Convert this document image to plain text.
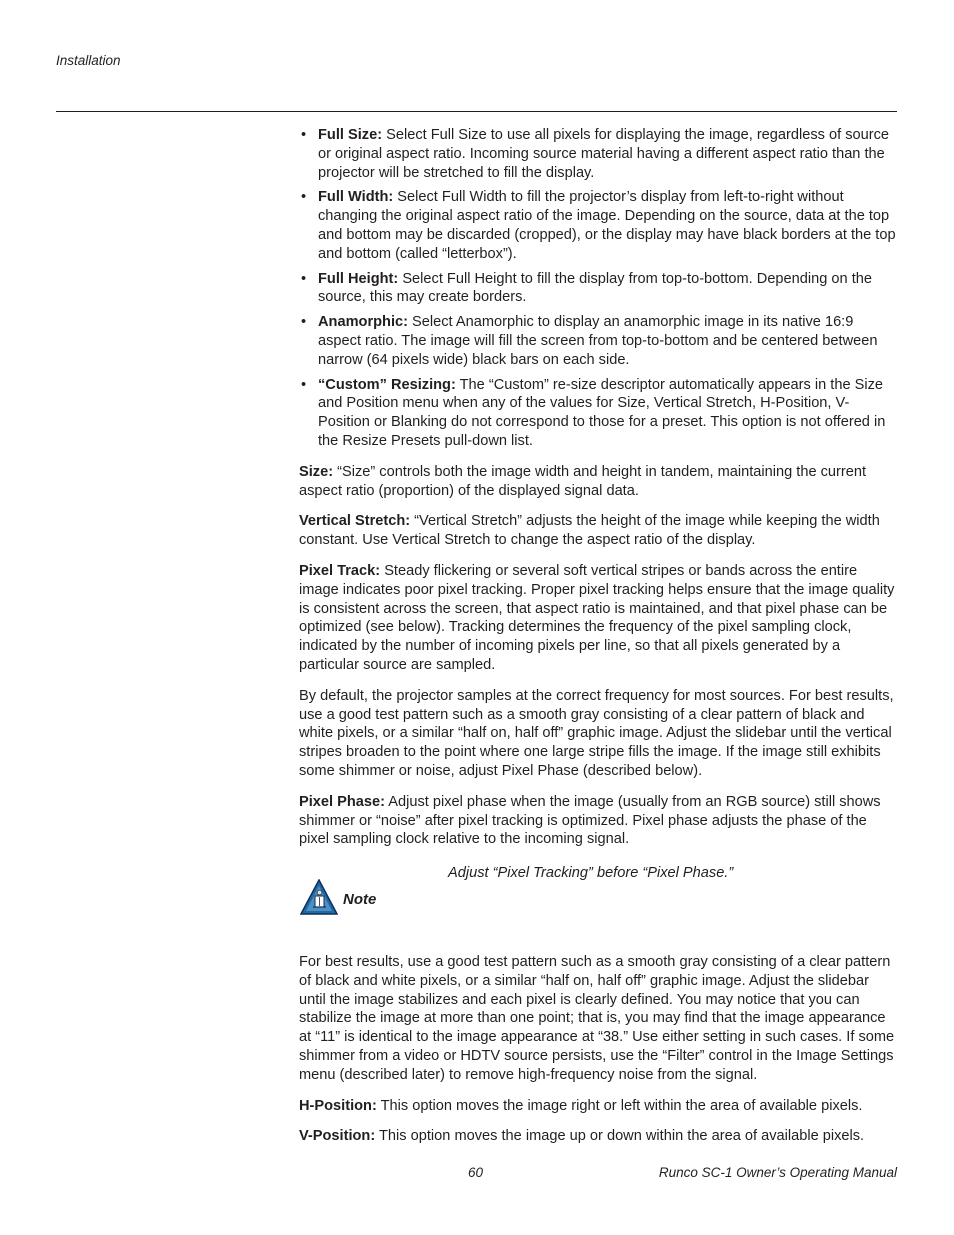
Installation
• Full Size: Select Full Size to use all pixels for displaying the image, regardless of source or original aspect ratio. Incoming source material having a different aspect ratio than the projector will be stretched to fill the display.
• Full Width: Select Full Width to fill the projector’s display from left-to-right without changing the original aspect ratio of the image. Depending on the source, data at the top and bottom may be discarded (cropped), or the display may have black borders at the top and bottom (called “letterbox”).
• Full Height: Select Full Height to fill the display from top-to-bottom. Depending on the source, this may create borders.
• Anamorphic: Select Anamorphic to display an anamorphic image in its native 16:9 aspect ratio. The image will fill the screen from top-to-bottom and be centered between narrow (64 pixels wide) black bars on each side.
• “Custom” Resizing: The “Custom” re-size descriptor automatically appears in the Size and Position menu when any of the values for Size, Vertical Stretch, H-Position, V-Position or Blanking do not correspond to those for a preset. This option is not offered in the Resize Presets pull-down list.

Size: “Size” controls both the image width and height in tandem, maintaining the current aspect ratio (proportion) of the displayed signal data.

Vertical Stretch: “Vertical Stretch” adjusts the height of the image while keeping the width constant. Use Vertical Stretch to change the aspect ratio of the display.

Pixel Track: Steady flickering or several soft vertical stripes or bands across the entire image indicates poor pixel tracking. Proper pixel tracking helps ensure that the image quality is consistent across the screen, that aspect ratio is maintained, and that pixel phase can be optimized (see below). Tracking determines the frequency of the pixel sampling clock, indicated by the number of incoming pixels per line, so that all pixels generated by a particular source are sampled.

By default, the projector samples at the correct frequency for most sources. For best results, use a good test pattern such as a smooth gray consisting of a clear pattern of black and white pixels, or a similar “half on, half off” graphic image. Adjust the slidebar until the vertical stripes broaden to the point where one large stripe fills the image. If the image still exhibits some shimmer or noise, adjust Pixel Phase (described below).

Pixel Phase: Adjust pixel phase when the image (usually from an RGB source) still shows shimmer or “noise” after pixel tracking is optimized. Pixel phase adjusts the phase of the pixel sampling clock relative to the incoming signal.

Note
Adjust “Pixel Tracking” before “Pixel Phase.”

For best results, use a good test pattern such as a smooth gray consisting of a clear pattern of black and white pixels, or a similar “half on, half off” graphic image. Adjust the slidebar until the image stabilizes and each pixel is clearly defined. You may notice that you can stabilize the image at more than one point; that is, you may find that the image appearance at “11” is identical to the image appearance at “38.” Use either setting in such cases. If some shimmer from a video or HDTV source persists, use the “Filter” control in the Image Settings menu (described later) to remove high-frequency noise from the signal.

H-Position: This option moves the image right or left within the area of available pixels.

V-Position: This option moves the image up or down within the area of available pixels.

60	Runco SC-1 Owner’s Operating Manual
